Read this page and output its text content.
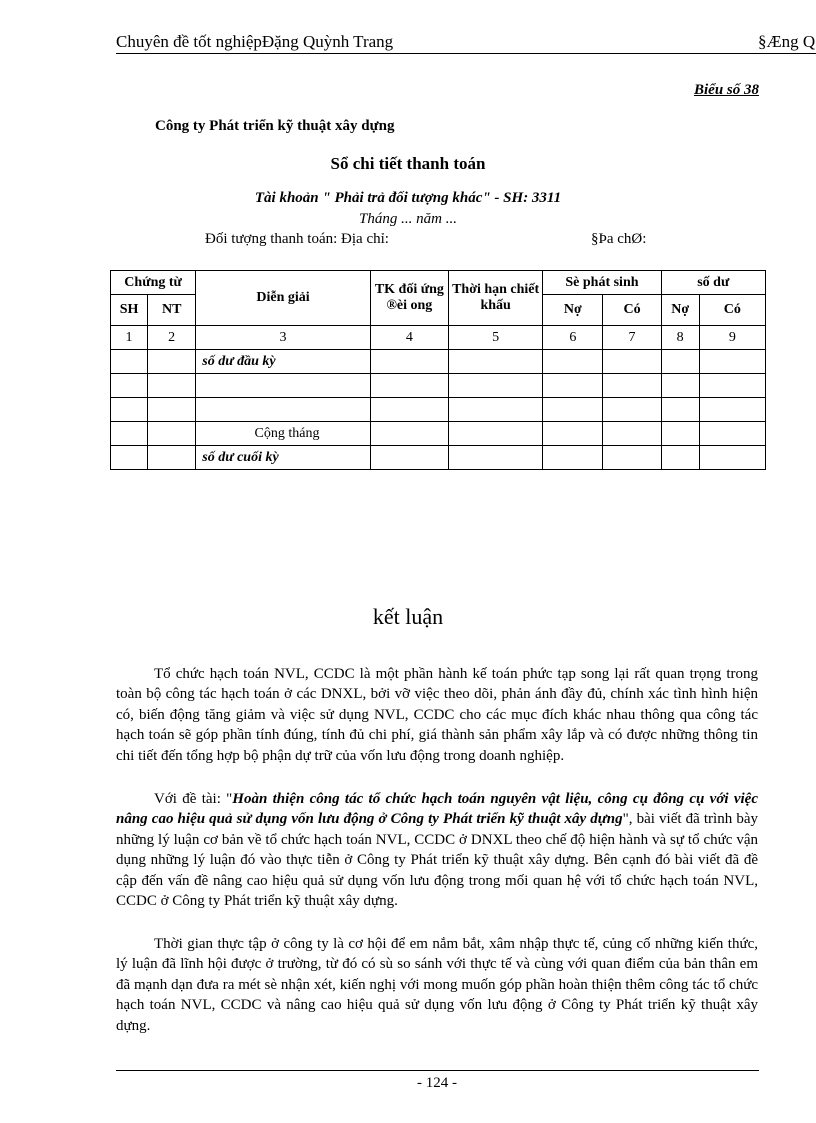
Chuyên đề tốt nghiệpĐặng Quỳnh Trang	§Æng Q
Biểu số 38
Công ty Phát triển kỹ thuật xây dựng
Sổ chi tiết thanh toán
Tài khoản " Phải trả đối tượng khác" - SH: 3311
Tháng ... năm ...
Đối tượng thanh toán: Địa chỉ:	§Þa chØ:
Chứng từ		Diễn giải	TK đối ứng ®èi ong	Thời hạn chiết khấu	Sè phát sinh		số dư	
SH	NT				Nợ	Có	Nợ	Có
1	2	3	4	5	6	7	8	9
		số dư đầu kỳ						

		Cộng tháng						
		số dư cuối kỳ						
kết luận

Tổ chức hạch toán NVL, CCDC là một phần hành kế toán phức tạp song lại rất quan trọng trong toàn bộ công tác hạch toán ở các DNXL, bởi vỡ việc theo dõi, phản ánh đầy đủ, chính xác tình hình hiện có, biến động tăng giảm và việc sử dụng NVL, CCDC cho các mục đích khác nhau thông qua công tác hạch toán sẽ góp phần tính đúng, tính đủ chi phí, giá thành sản phẩm xây lắp và có được những thông tin chi tiết đến tổng hợp bộ phận dự trữ của vốn lưu động trong doanh nghiệp.

Với đề tài: "Hoàn thiện công tác tổ chức hạch toán nguyên vật liệu, công cụ đông cụ với việc nâng cao hiệu quả sử dụng vốn lưu động ở Công ty Phát triển kỹ thuật xây dựng", bài viết đã trình bày những lý luận cơ bản về tổ chức hạch toán NVL, CCDC ở DNXL theo chế độ hiện hành và sự tổ chức vận dụng những lý luận đó vào thực tiễn ở Công ty Phát triển kỹ thuật xây dựng. Bên cạnh đó bài viết đã đề cập đến vấn đề nâng cao hiệu quả sử dụng vốn lưu động trong mối quan hệ với tổ chức hạch toán NVL, CCDC ở Công ty Phát triển kỹ thuật xây dựng.

Thời gian thực tập ở công ty là cơ hội để em nắm bắt, xâm nhập thực tế, củng cố những kiến thức, lý luận đã lĩnh hội được ở trường, từ đó có sù so sánh với thực tế và cùng với quan điểm của bản thân em đã mạnh dạn đưa ra mét sè nhận xét, kiến nghị với mong muốn góp phần hoàn thiện thêm công tác tổ chức hạch toán NVL, CCDC và nâng cao hiệu quả sử dụng vốn lưu động ở Công ty Phát triển kỹ thuật xây dựng.

- 124 -
